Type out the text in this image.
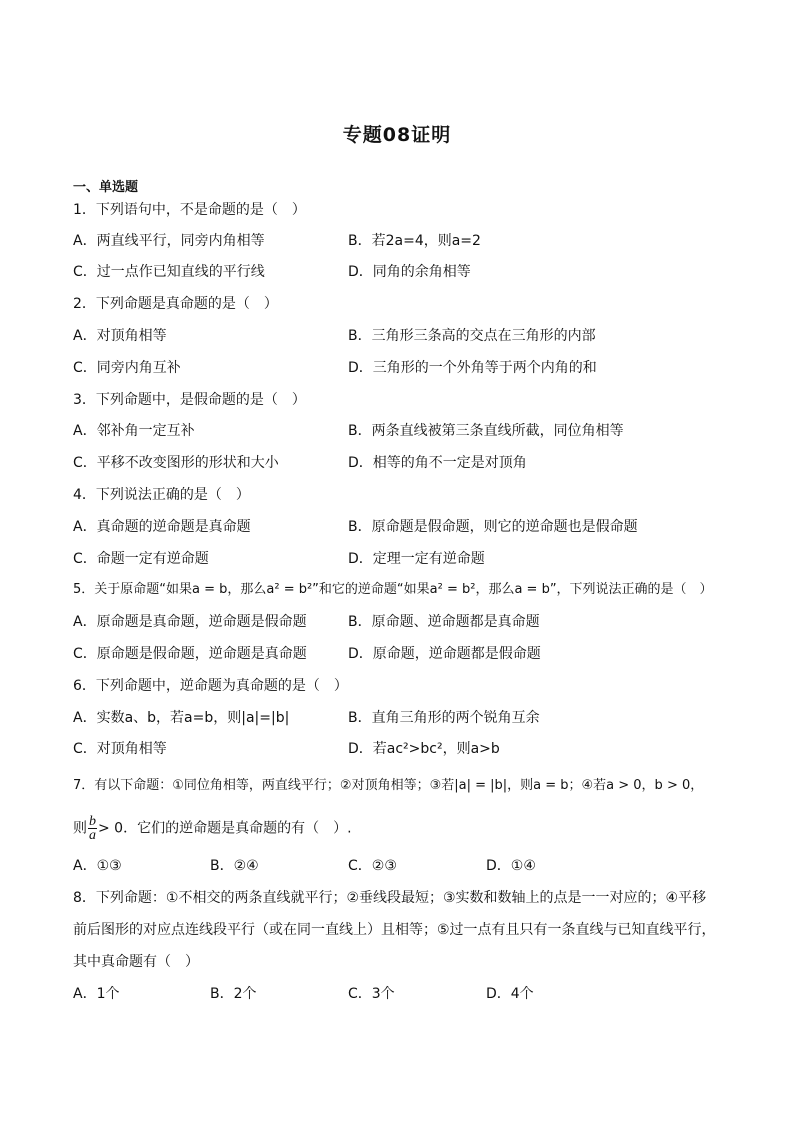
专题08证明
一、单选题
1．下列语句中，不是命题的是（　）
A．两直线平行，同旁内角相等	B．若2a=4，则a=2
C．过一点作已知直线的平行线	D．同角的余角相等
2．下列命题是真命题的是（　）
A．对顶角相等	B．三角形三条高的交点在三角形的内部
C．同旁内角互补	D．三角形的一个外角等于两个内角的和
3．下列命题中，是假命题的是（　）
A．邻补角一定互补	B．两条直线被第三条直线所截，同位角相等
C．平移不改变图形的形状和大小	D．相等的角不一定是对顶角
4．下列说法正确的是（　）
A．真命题的逆命题是真命题	B．原命题是假命题，则它的逆命题也是假命题
C．命题一定有逆命题	D．定理一定有逆命题
5．关于原命题“如果a = b，那么a² = b²”和它的逆命题“如果a² = b²，那么a = b”，下列说法正确的是（　）
A．原命题是真命题，逆命题是假命题	B．原命题、逆命题都是真命题
C．原命题是假命题，逆命题是真命题	D．原命题，逆命题都是假命题
6．下列命题中，逆命题为真命题的是（　）
A．实数a、b，若a=b，则|a|=|b|	B．直角三角形的两个锐角互余
C．对顶角相等	D．若ac²>bc²，则a>b
7．有以下命题：①同位角相等，两直线平行；②对顶角相等；③若|a| = |b|，则a = b；④若a > 0，b > 0，
则 $\frac{b}{a} > 0$．它们的逆命题是真命题的有（　）.
A．①③	B．②④	C．②③	D．①④
8．下列命题：①不相交的两条直线就平行；②垂线段最短；③实数和数轴上的点是一一对应的；④平移
前后图形的对应点连线段平行（或在同一直线上）且相等；⑤过一点有且只有一条直线与已知直线平行，
其中真命题有（　）
A．1个	B．2个	C．3个	D．4个
